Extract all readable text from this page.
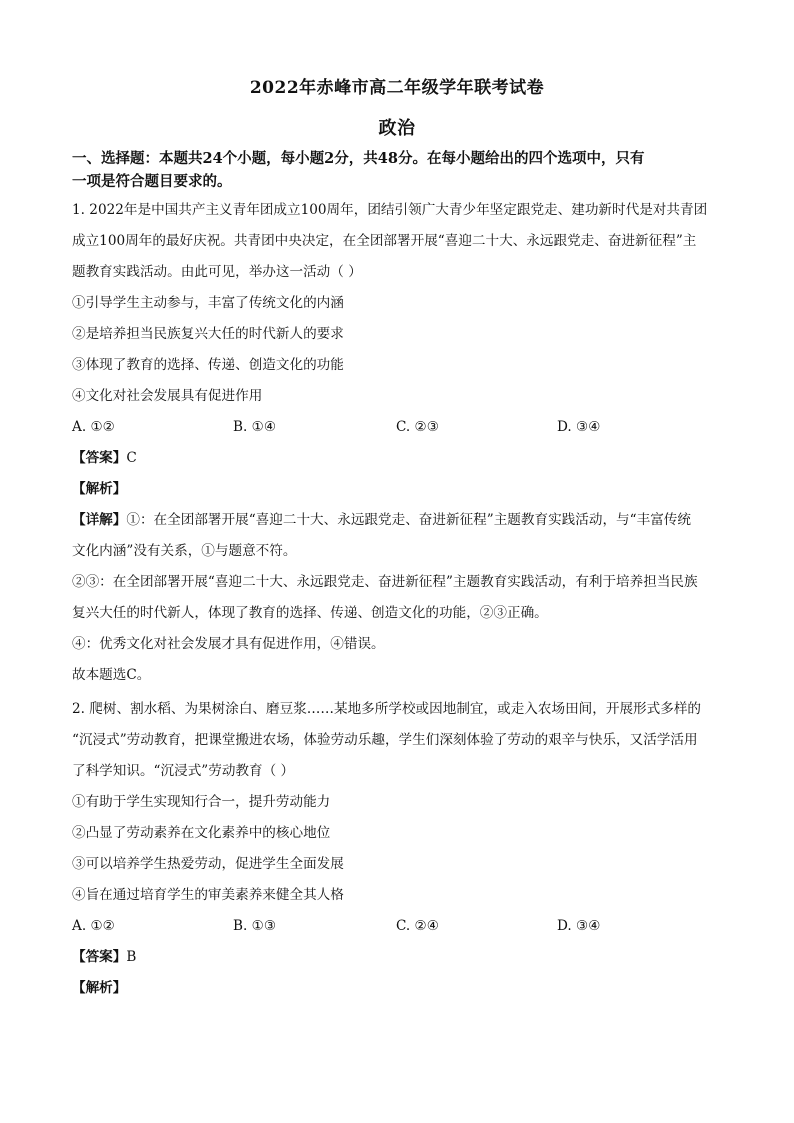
2022年赤峰市高二年级学年联考试卷
政治
一、选择题：本题共24个小题，每小题2分，共48分。在每小题给出的四个选项中，只有
一项是符合题目要求的。
1. 2022年是中国共产主义青年团成立100周年，团结引领广大青少年坚定跟党走、建功新时代是对共青团
成立100周年的最好庆祝。共青团中央决定，在全团部署开展“喜迎二十大、永远跟党走、奋进新征程”主
题教育实践活动。由此可见，举办这一活动（ ）
①引导学生主动参与，丰富了传统文化的内涵
②是培养担当民族复兴大任的时代新人的要求
③体现了教育的选择、传递、创造文化的功能
④文化对社会发展具有促进作用
A. ①②	B. ①④	C. ②③	D. ③④
【答案】C
【解析】
【详解】①：在全团部署开展“喜迎二十大、永远跟党走、奋进新征程”主题教育实践活动，与“丰富传统
文化内涵”没有关系，①与题意不符。
②③：在全团部署开展“喜迎二十大、永远跟党走、奋进新征程”主题教育实践活动，有利于培养担当民族
复兴大任的时代新人，体现了教育的选择、传递、创造文化的功能，②③正确。
④：优秀文化对社会发展才具有促进作用，④错误。
故本题选C。
2. 爬树、割水稻、为果树涂白、磨豆浆……某地多所学校或因地制宜，或走入农场田间，开展形式多样的
“沉浸式”劳动教育，把课堂搬进农场，体验劳动乐趣，学生们深刻体验了劳动的艰辛与快乐，又活学活用
了科学知识。“沉浸式”劳动教育（ ）
①有助于学生实现知行合一，提升劳动能力
②凸显了劳动素养在文化素养中的核心地位
③可以培养学生热爱劳动，促进学生全面发展
④旨在通过培育学生的审美素养来健全其人格
A. ①②	B. ①③	C. ②④	D. ③④
【答案】B
【解析】
